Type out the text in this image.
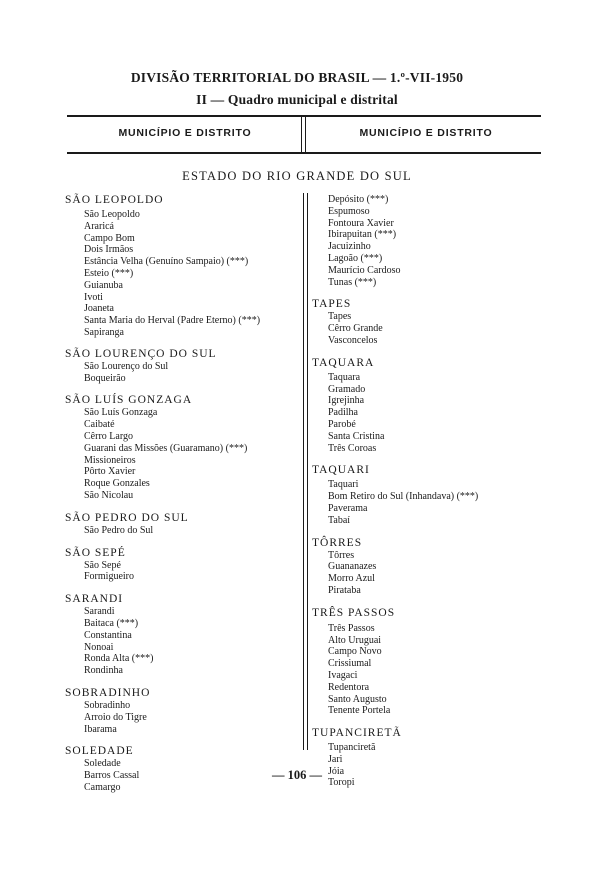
DIVISÃO TERRITORIAL DO BRASIL — 1.º-VII-1950
II — Quadro municipal e distrital
MUNICÍPIO E DISTRITO	MUNICÍPIO E DISTRITO
ESTADO DO RIO GRANDE DO SUL
SÃO LEOPOLDO
São Leopoldo
Araricá
Campo Bom
Dois Irmãos
Estância Velha (Genuíno Sampaio) (***)
Esteio (***)
Guianuba
Ivoti
Joaneta
Santa Maria do Herval (Padre Eterno) (***)
Sapiranga
SÃO LOURENÇO DO SUL
São Lourenço do Sul
Boqueirão
SÃO LUÍS GONZAGA
São Luís Gonzaga
Caibaté
Cêrro Largo
Guarani das Missões (Guaramano) (***)
Missioneiros
Pôrto Xavier
Roque Gonzales
São Nicolau
SÃO PEDRO DO SUL
São Pedro do Sul
SÃO SEPÉ
São Sepé
Formigueiro
SARANDI
Sarandi
Baitaca (***)
Constantina
Nonoai
Ronda Alta (***)
Rondinha
SOBRADINHO
Sobradinho
Arroio do Tigre
Ibarama
SOLEDADE
Soledade
Barros Cassal
Camargo
Depósito (***)
Espumoso
Fontoura Xavier
Ibirapuitan (***)
Jacuizinho
Lagoão (***)
Maurício Cardoso
Tunas (***)
TAPES
Tapes
Cêrro Grande
Vasconcelos
TAQUARA
Taquara
Gramado
Igrejinha
Padilha
Parobé
Santa Cristina
Três Coroas
TAQUARI
Taquari
Bom Retiro do Sul (Inhandava) (***)
Paverama
Tabaí
TÔRRES
Tôrres
Guananazes
Morro Azul
Pirataba
TRÊS PASSOS
Três Passos
Alto Uruguai
Campo Novo
Crissiumal
Ivagaci
Redentora
Santo Augusto
Tenente Portela
TUPANCIRETÃ
Tupanciretã
Jari
Jóia
Toropi
— 106 —
